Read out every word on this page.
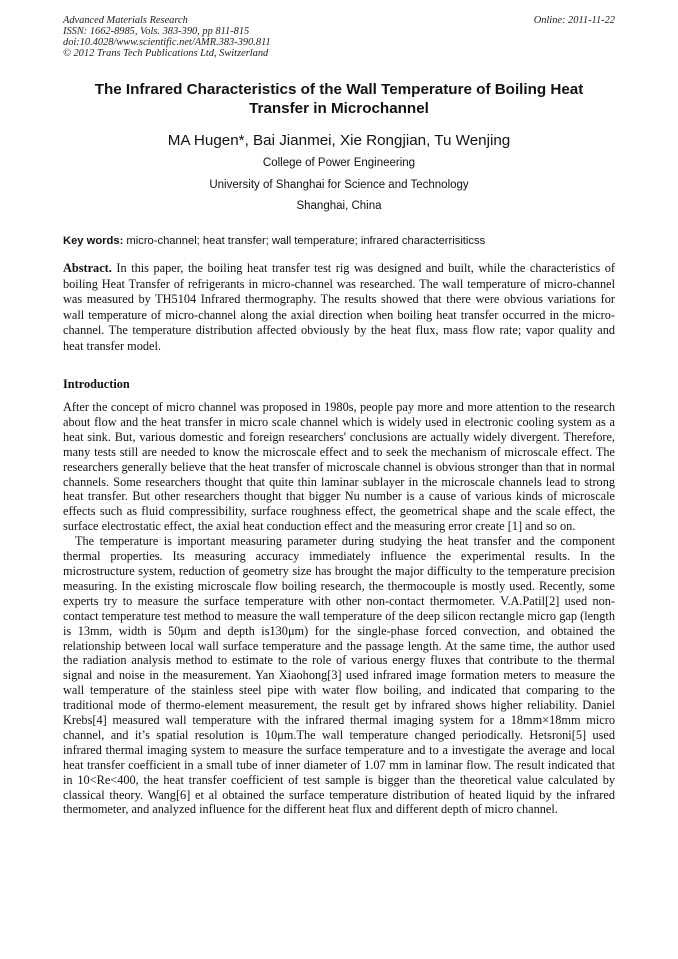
Advanced Materials Research
ISSN: 1662-8985, Vols. 383-390, pp 811-815
doi:10.4028/www.scientific.net/AMR.383-390.811
© 2012 Trans Tech Publications Ltd, Switzerland
Online: 2011-11-22
The Infrared Characteristics of the Wall Temperature of Boiling Heat Transfer in Microchannel
MA Hugen*, Bai Jianmei, Xie Rongjian, Tu Wenjing
College of Power Engineering
University of Shanghai for Science and Technology
Shanghai, China
Key words: micro-channel; heat transfer; wall temperature; infrared characterrisiticss
Abstract. In this paper, the boiling heat transfer test rig was designed and built, while the characteristics of boiling Heat Transfer of refrigerants in micro-channel was researched. The wall temperature of micro-channel was measured by TH5104 Infrared thermography. The results showed that there were obvious variations for wall temperature of micro-channel along the axial direction when boiling heat transfer occurred in the micro-channel. The temperature distribution affected obviously by the heat flux, mass flow rate; vapor quality and heat transfer model.
Introduction

After the concept of micro channel was proposed in 1980s, people pay more and more attention to the research about flow and the heat transfer in micro scale channel which is widely used in electronic cooling system as a heat sink. But, various domestic and foreign researchers' conclusions are actually widely divergent. Therefore, many tests still are needed to know the microscale effect and to seek the mechanism of microscale effect. The researchers generally believe that the heat transfer of microscale channel is obvious stronger than that in normal channels. Some researchers thought that quite thin laminar sublayer in the microscale channels lead to strong heat transfer. But other researchers thought that bigger Nu number is a cause of various kinds of microscale effects such as fluid compressibility, surface roughness effect, the geometrical shape and the scale effect, the surface electrostatic effect, the axial heat conduction effect and the measuring error create [1] and so on.

The temperature is important measuring parameter during studying the heat transfer and the component thermal properties. Its measuring accuracy immediately influence the experimental results. In the microstructure system, reduction of geometry size has brought the major difficulty to the temperature precision measuring. In the existing microscale flow boiling research, the thermocouple is mostly used. Recently, some experts try to measure the surface temperature with other non-contact thermometer. V.A.Patil[2] used non-contact temperature test method to measure the wall temperature of the deep silicon rectangle micro gap (length is 13mm, width is 50μm and depth is130μm) for the single-phase forced convection, and obtained the relationship between local wall surface temperature and the passage length. At the same time, the author used the radiation analysis method to estimate to the role of various energy fluxes that contribute to the thermal signal and noise in the measurement. Yan Xiaohong[3] used infrared image formation meters to measure the wall temperature of the stainless steel pipe with water flow boiling, and indicated that comparing to the traditional mode of thermo-element measurement, the result get by infrared shows higher reliability. Daniel Krebs[4] measured wall temperature with the infrared thermal imaging system for a 18mm×18mm micro channel, and it’s spatial resolution is 10μm.The wall temperature changed periodically. Hetsroni[5] used infrared thermal imaging system to measure the surface temperature and to a investigate the average and local heat transfer coefficient in a small tube of inner diameter of 1.07 mm in laminar flow. The result indicated that in 10<Re<400, the heat transfer coefficient of test sample is bigger than the theoretical value calculated by classical theory. Wang[6] et al obtained the surface temperature distribution of heated liquid by the infrared thermometer, and analyzed influence for the different heat flux and different depth of micro channel.
